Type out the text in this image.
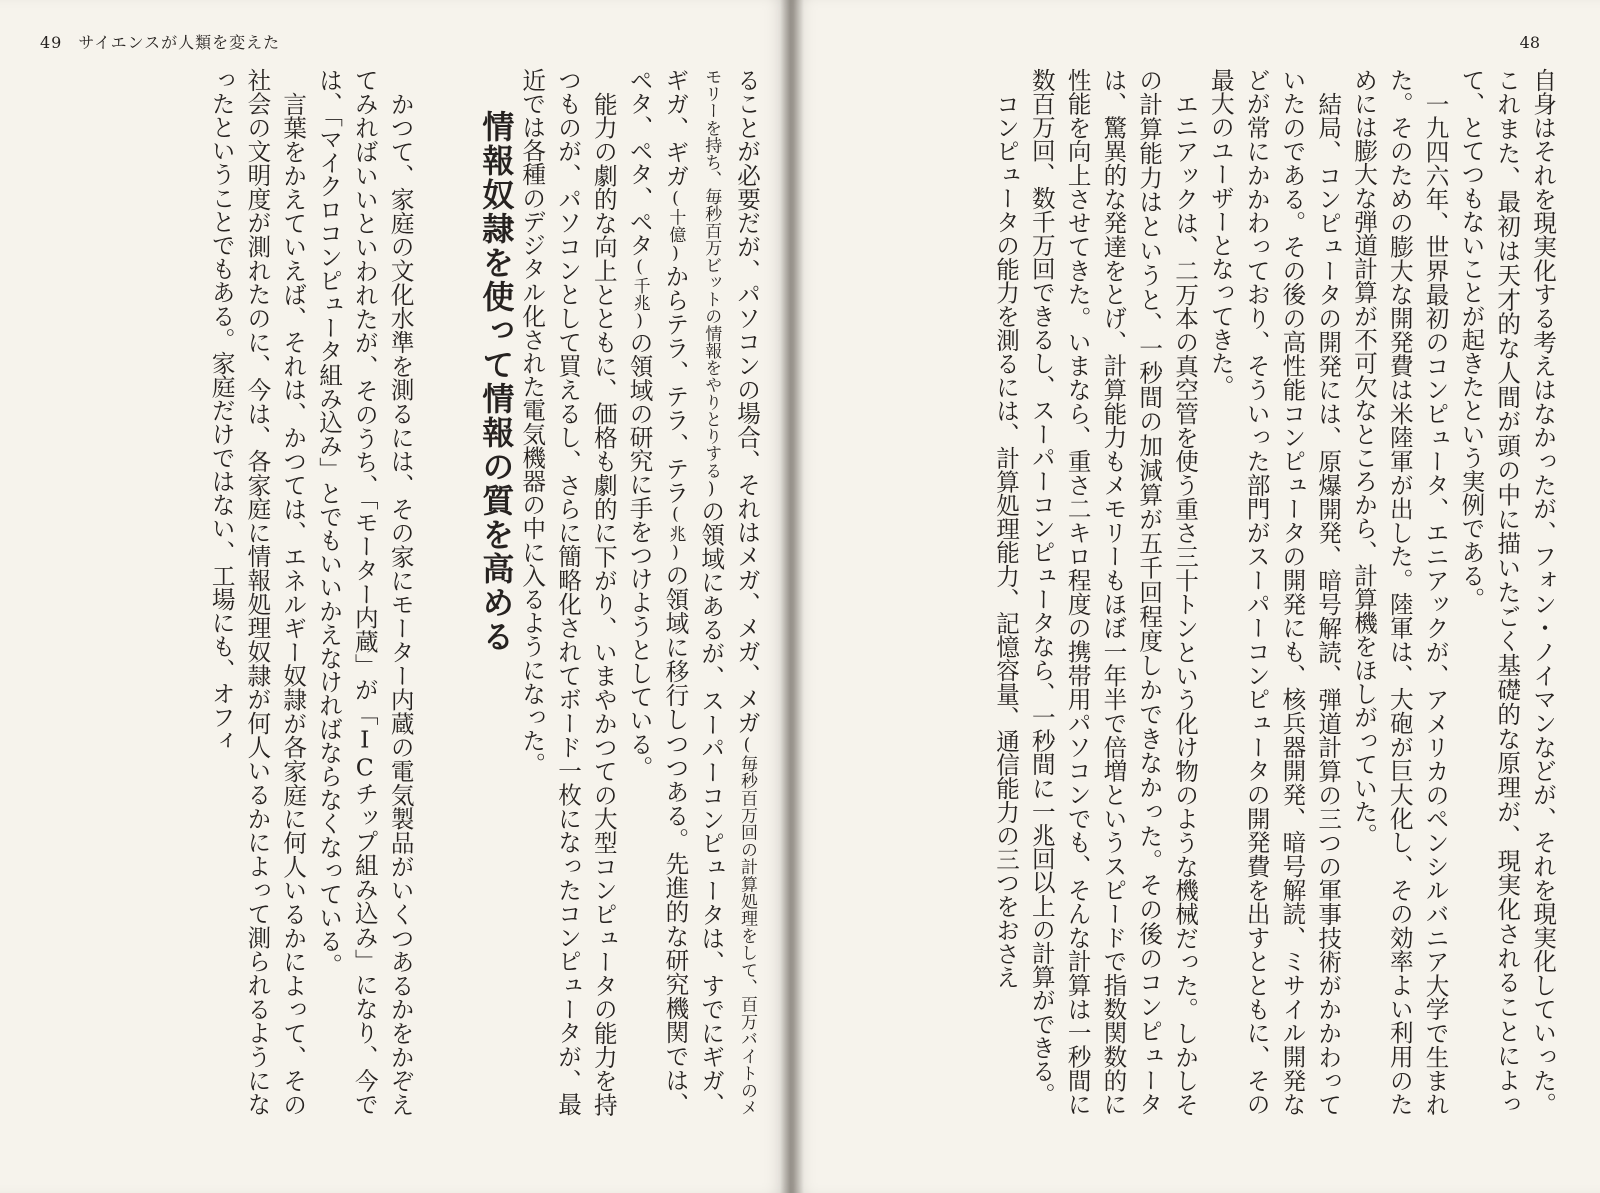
49 サイエンスが人類を変えた

ることが必要だが、パソコンの場合、それはメガ、メガ、メガ(毎秒百万回の計算処理をして、百万バイトのメモリーを持ち、毎秒百万ビットの情報をやりとりする)の領域にあるが、スーパーコンピュータは、すでにギガ、ギガ、ギガ(十億)からテラ、テラ、テラ(兆)の領域に移行しつつある。先進的な研究機関では、ペタ、ペタ、ペタ(千兆)の領域の研究に手をつけようとしている。

能力の劇的な向上とともに、価格も劇的に下がり、いまやかつての大型コンピュータの能力を持つものが、パソコンとして買えるし、さらに簡略化されてボード一枚になったコンピュータが、最近では各種のデジタル化された電気機器の中に入るようになった。

情報奴隷を使って情報の質を高める

かつて、家庭の文化水準を測るには、その家にモーター内蔵の電気製品がいくつあるかをかぞえてみればいいといわれたが、そのうち、「モーター内蔵」が「ICチップ組み込み」になり、今では、「マイクロコンピュータ組み込み」とでもいいかえなければならなくなっている。

言葉をかえていえば、それは、かつては、エネルギー奴隷が各家庭に何人いるかによって、その社会の文明度が測れたのに、今は、各家庭に情報処理奴隷が何人いるかによって測られるようになったということでもある。家庭だけではない、工場にも、オフィ

48

自身はそれを現実化する考えはなかったが、フォン・ノイマンなどが、それを現実化していった。これまた、最初は天才的な人間が頭の中に描いたごく基礎的な原理が、現実化されることによって、とてつもないことが起きたという実例である。

一九四六年、世界最初のコンピュータ、エニアックが、アメリカのペンシルバニア大学で生まれた。そのための膨大な開発費は米陸軍が出した。陸軍は、大砲が巨大化し、その効率よい利用のためには膨大な弾道計算が不可欠なところから、計算機をほしがっていた。

結局、コンピュータの開発には、原爆開発、暗号解読、弾道計算の三つの軍事技術がかかわっていたのである。その後の高性能コンピュータの開発にも、核兵器開発、暗号解読、ミサイル開発などが常にかかわっており、そういった部門がスーパーコンピュータの開発費を出すとともに、その最大のユーザーとなってきた。

エニアックは、二万本の真空管を使う重さ三十トンという化け物のような機械だった。しかしその計算能力はというと、一秒間の加減算が五千回程度しかできなかった。その後のコンピュータは、驚異的な発達をとげ、計算能力もメモリーもほぼ一年半で倍増というスピードで指数関数的に性能を向上させてきた。いまなら、重さ二キロ程度の携帯用パソコンでも、そんな計算は一秒間に数百万回、数千万回できるし、スーパーコンピュータなら、一秒間に一兆回以上の計算ができる。

コンピュータの能力を測るには、計算処理能力、記憶容量、通信能力の三つをおさえ
